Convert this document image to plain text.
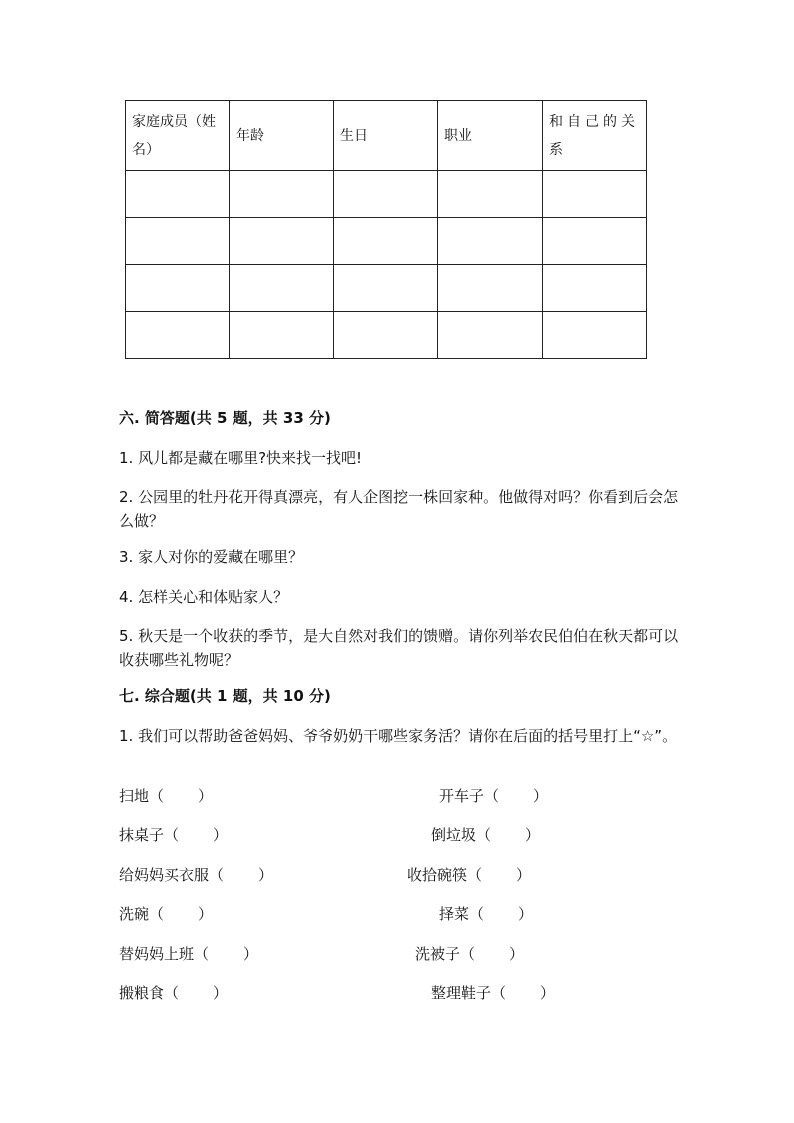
家庭成员（姓名）	年龄	生日	职业	和自己的关系

六. 简答题(共 5 题，共 33 分)
1. 风儿都是藏在哪里?快来找一找吧!
2. 公园里的牡丹花开得真漂亮，有人企图挖一株回家种。他做得对吗？你看到后会怎么做？
3. 家人对你的爱藏在哪里？
4. 怎样关心和体贴家人？
5. 秋天是一个收获的季节，是大自然对我们的馈赠。请你列举农民伯伯在秋天都可以收获哪些礼物呢？
七. 综合题(共 1 题，共 10 分)
1. 我们可以帮助爸爸妈妈、爷爷奶奶干哪些家务活？请你在后面的括号里打上“☆”。
扫地（ ）	开车子（ ）
抹桌子（ ）	倒垃圾（ ）
给妈妈买衣服（ ）	收拾碗筷（ ）
洗碗（ ）	择菜（ ）
替妈妈上班（ ）	洗被子（ ）
搬粮食（ ）	整理鞋子（ ）
